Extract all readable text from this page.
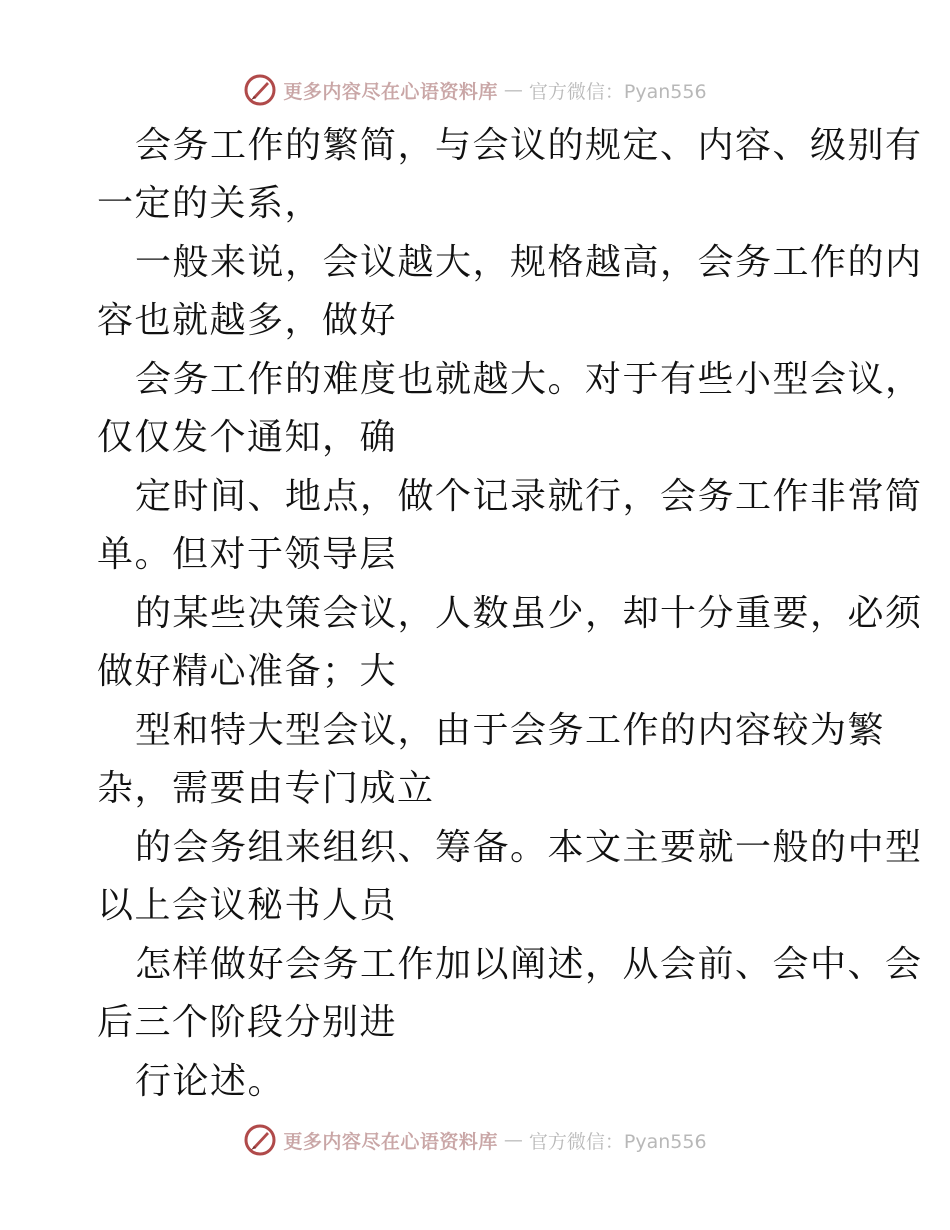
更多内容尽在心语资料库 — 官方微信：Pyan556
会务工作的繁简，与会议的规定、内容、级别有
一定的关系，
一般来说，会议越大，规格越高，会务工作的内
容也就越多，做好
会务工作的难度也就越大。对于有些小型会议，
仅仅发个通知，确
定时间、地点，做个记录就行，会务工作非常简
单。但对于领导层
的某些决策会议，人数虽少，却十分重要，必须
做好精心准备；大
型和特大型会议，由于会务工作的内容较为繁
杂，需要由专门成立
的会务组来组织、筹备。本文主要就一般的中型
以上会议秘书人员
怎样做好会务工作加以阐述，从会前、会中、会
后三个阶段分别进
行论述。
更多内容尽在心语资料库 — 官方微信：Pyan556
